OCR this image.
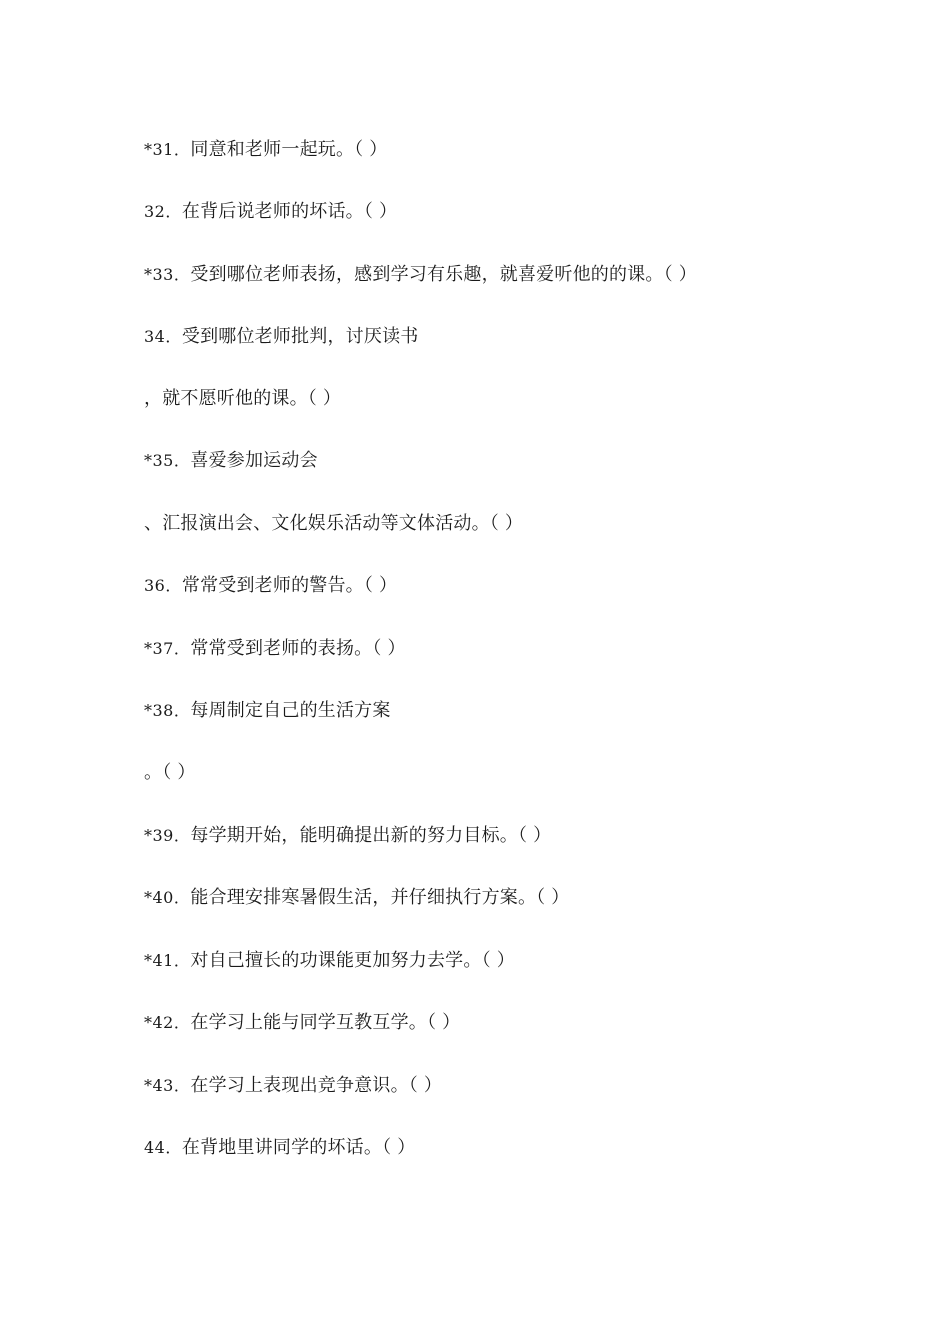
*31．同意和老师一起玩。（ ）
32．在背后说老师的坏话。（ ）
*33．受到哪位老师表扬，感到学习有乐趣，就喜爱听他的的课。（ ）
34．受到哪位老师批判，讨厌读书
，就不愿听他的课。（ ）
*35．喜爱参加运动会
、汇报演出会、文化娱乐活动等文体活动。（ ）
36．常常受到老师的警告。（ ）
*37．常常受到老师的表扬。（ ）
*38．每周制定自己的生活方案
。（ ）
*39．每学期开始，能明确提出新的努力目标。（ ）
*40．能合理安排寒暑假生活，并仔细执行方案。（ ）
*41．对自己擅长的功课能更加努力去学。（ ）
*42．在学习上能与同学互教互学。（ ）
*43．在学习上表现出竞争意识。（ ）
44．在背地里讲同学的坏话。（ ）
